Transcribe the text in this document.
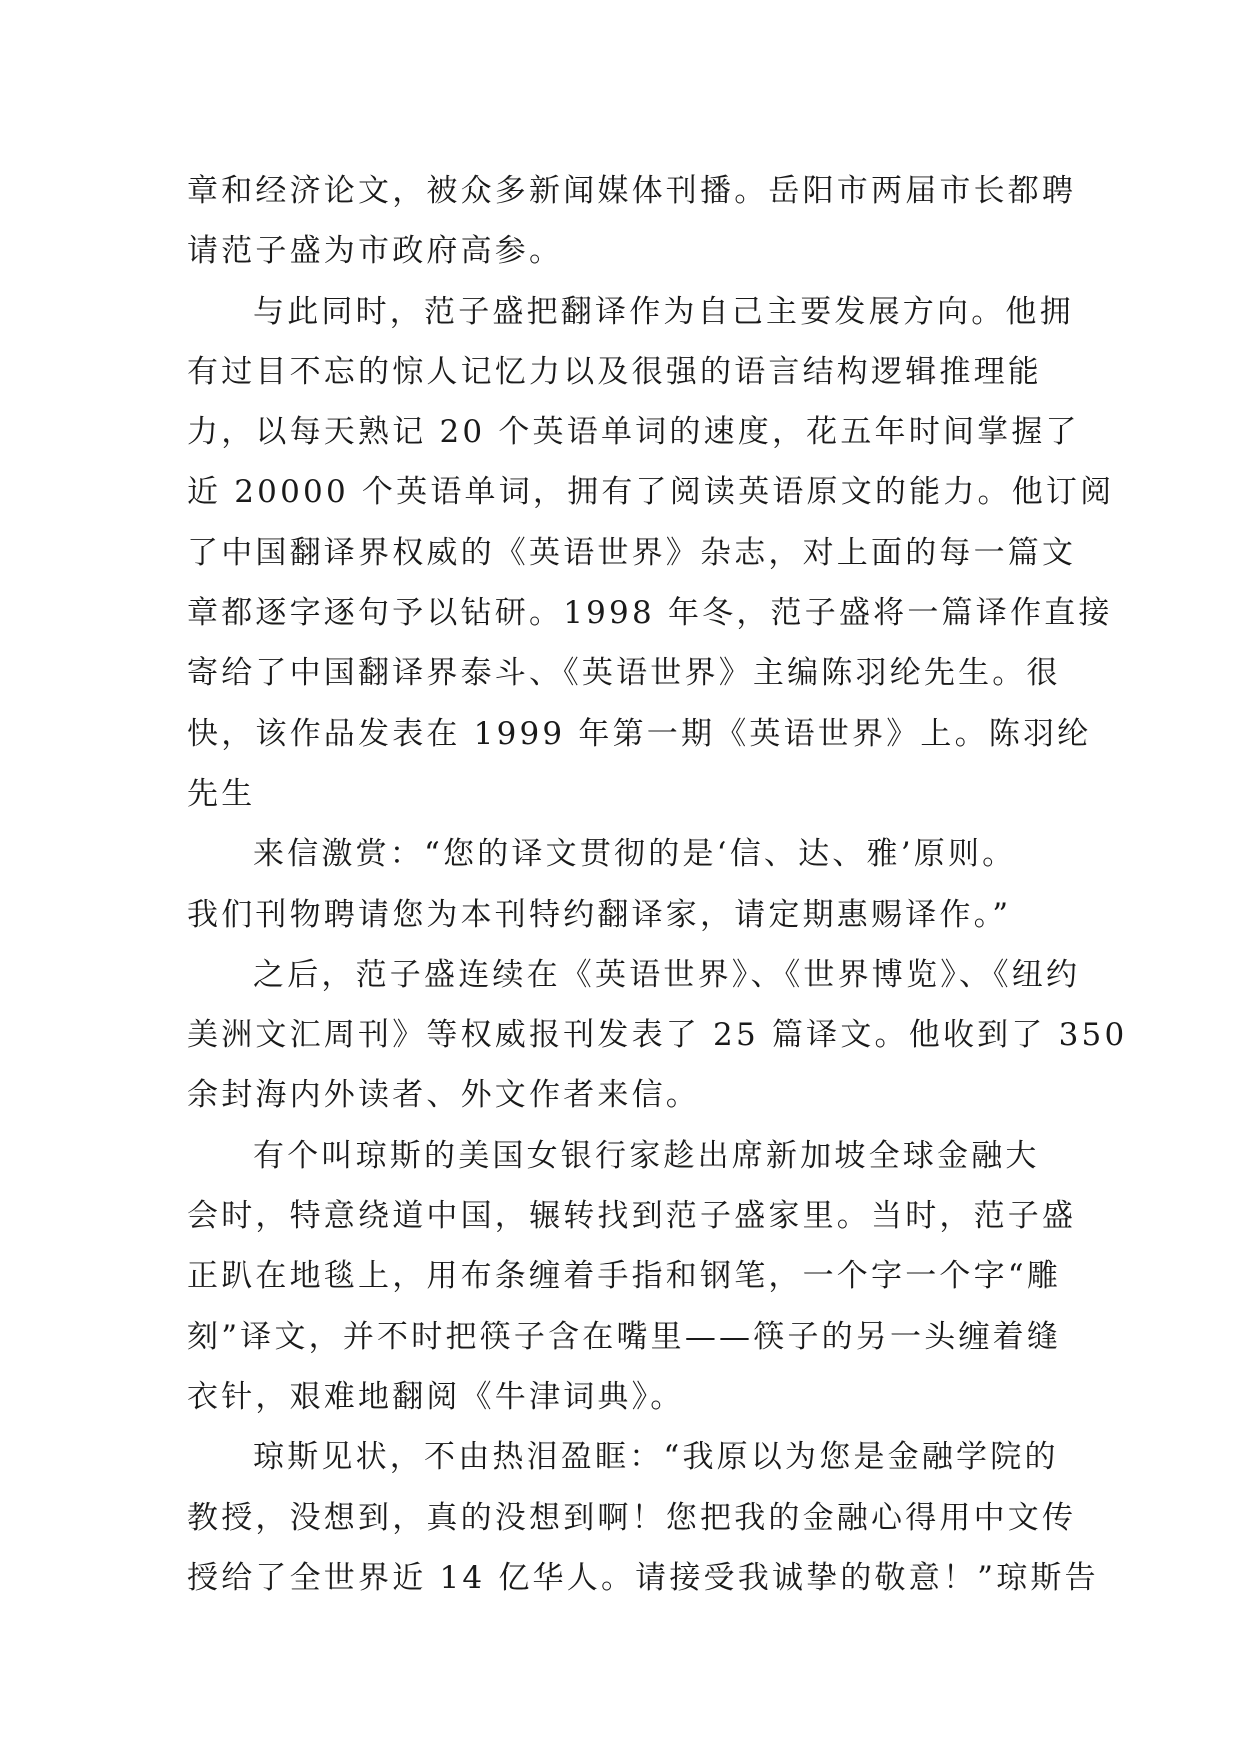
章和经济论文，被众多新闻媒体刊播。岳阳市两届市长都聘
请范子盛为市政府高参。
与此同时，范子盛把翻译作为自己主要发展方向。他拥
有过目不忘的惊人记忆力以及很强的语言结构逻辑推理能
力，以每天熟记 20 个英语单词的速度，花五年时间掌握了
近 20000 个英语单词，拥有了阅读英语原文的能力。他订阅
了中国翻译界权威的《英语世界》杂志，对上面的每一篇文
章都逐字逐句予以钻研。1998 年冬，范子盛将一篇译作直接
寄给了中国翻译界泰斗、《英语世界》主编陈羽纶先生。很
快，该作品发表在 1999 年第一期《英语世界》上。陈羽纶
先生
来信激赏：“您的译文贯彻的是‘信、达、雅’原则。
我们刊物聘请您为本刊特约翻译家，请定期惠赐译作。”
之后，范子盛连续在《英语世界》、《世界博览》、《纽约
美洲文汇周刊》等权威报刊发表了 25 篇译文。他收到了 350
余封海内外读者、外文作者来信。
有个叫琼斯的美国女银行家趁出席新加坡全球金融大
会时，特意绕道中国，辗转找到范子盛家里。当时，范子盛
正趴在地毯上，用布条缠着手指和钢笔，一个字一个字“雕
刻”译文，并不时把筷子含在嘴里——筷子的另一头缠着缝
衣针，艰难地翻阅《牛津词典》。
琼斯见状，不由热泪盈眶：“我原以为您是金融学院的
教授，没想到，真的没想到啊！您把我的金融心得用中文传
授给了全世界近 14 亿华人。请接受我诚挚的敬意！”琼斯告
